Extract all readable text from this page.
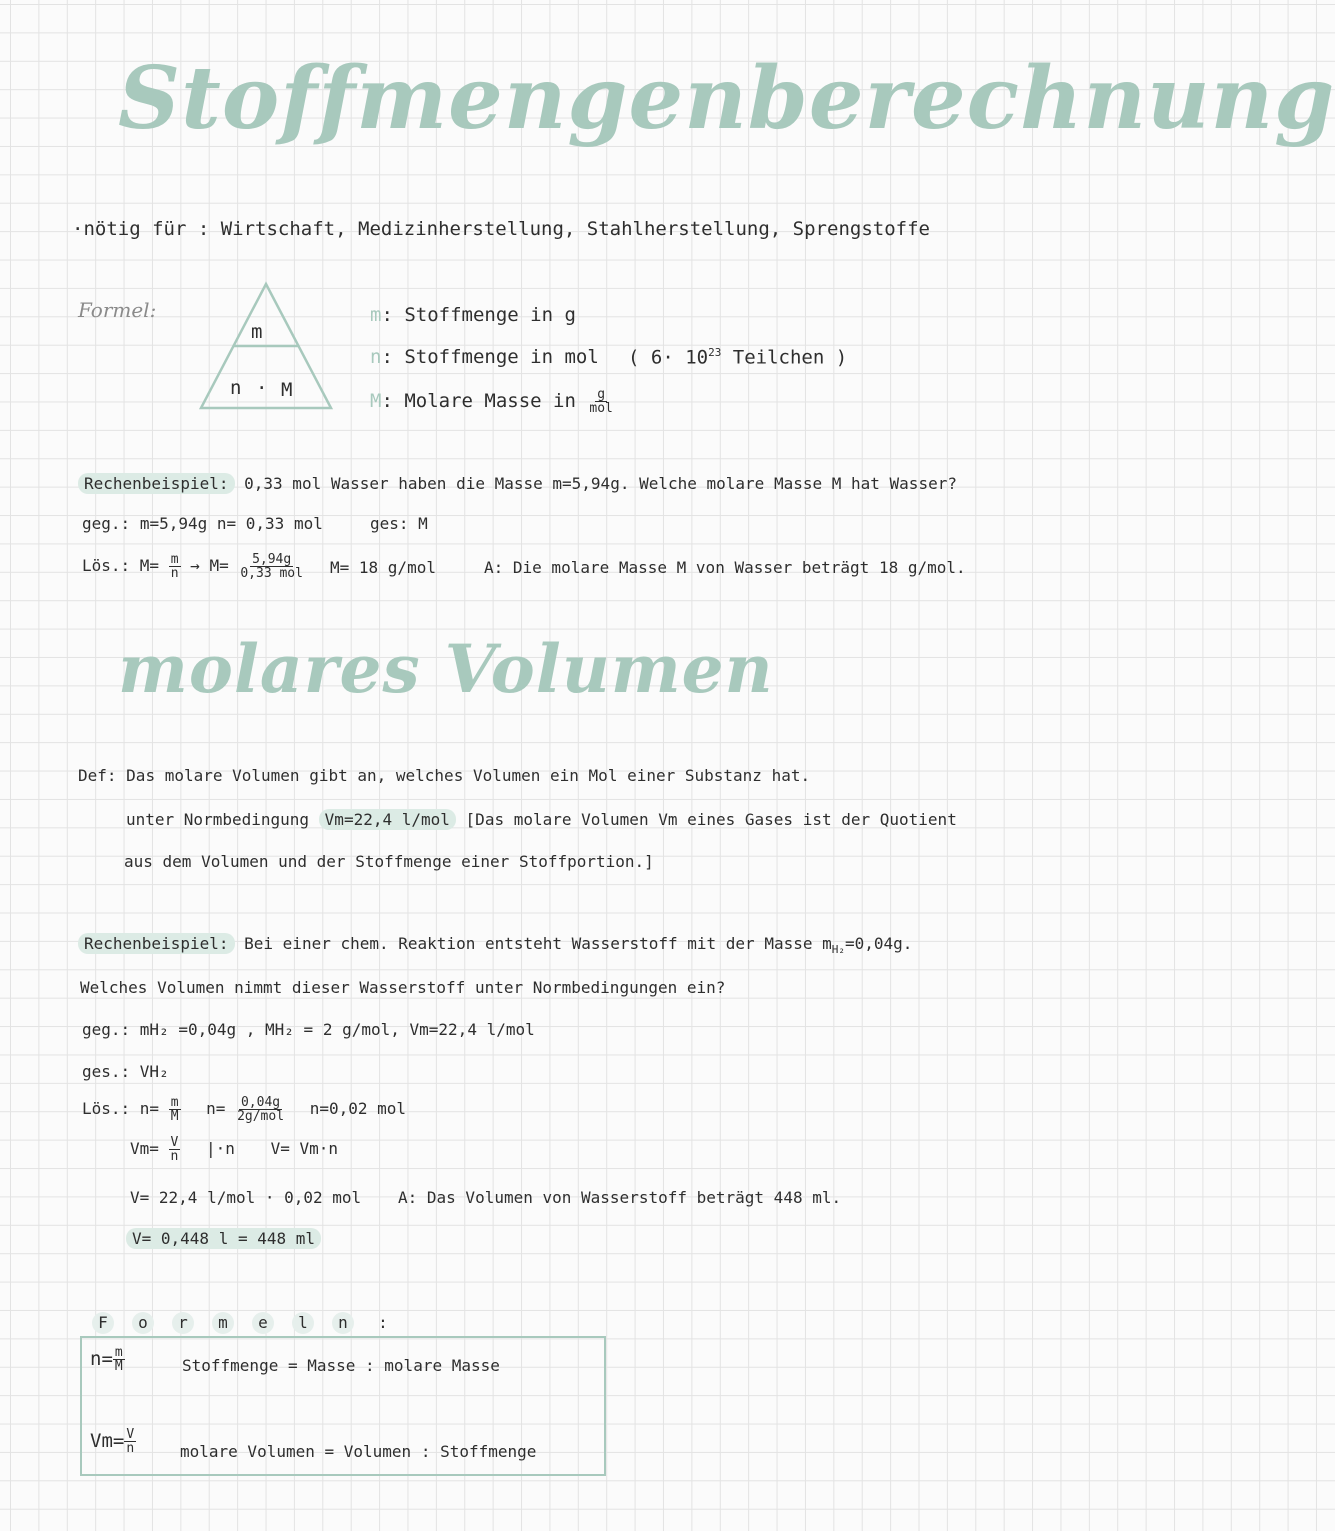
Stoffmengenberechnung
·nötig für : Wirtschaft, Medizinherstellung, Stahlherstellung, Sprengstoffe
Formel:
m
n · M
m: Stoffmenge in g
n: Stoffmenge in mol ( $6\cdot 10^{23}$ Teilchen )
M: Molare Masse in $\frac{g}{\text{mol}}$
Rechenbeispiel: 0,33 mol Wasser haben die Masse m=5,94g. Welche molare Masse M hat Wasser?
geg.: m=5,94g n= 0,33 mol	ges: M
Lös.: $M= \frac{m}{n} \to M= \frac{5,94g}{\text{0,33 mol}} M= 18$ g/mol	A: Die molare Masse M von Wasser beträgt 18 g/mol.
molares Volumen
Def: Das molare Volumen gibt an, welches Volumen ein Mol einer Substanz hat.
unter Normbedingung Vm=22,4 l/mol [Das molare Volumen Vm eines Gases ist der Quotient
aus dem Volumen und der Stoffmenge einer Stoffportion.]
Rechenbeispiel: Bei einer chem. Reaktion entsteht Wasserstoff mit der Masse $m_{H_2}=0,04g$.
Welches Volumen nimmt dieser Wasserstoff unter Normbedingungen ein?
geg.: mH₂ =0,04g , MH₂ = 2 g/mol, Vm=22,4 l/mol
ges.: VH₂
Lös.: $n= \frac{m}{M} n= \frac{0,04g}{\text{2g/mol}} n=0,02$ mol
$Vm= \frac{V}{n} |\cdot n$ V= Vm·n
V= 22,4 l/mol · 0,02 mol A: Das Volumen von Wasserstoff beträgt 448 ml.
V= 0,448 l = 448 ml
F o r m e l n :
$n= \frac{m}{M}$	Stoffmenge = Masse : molare Masse
$Vm= \frac{V}{n}$	molare Volumen = Volumen : Stoffmenge
